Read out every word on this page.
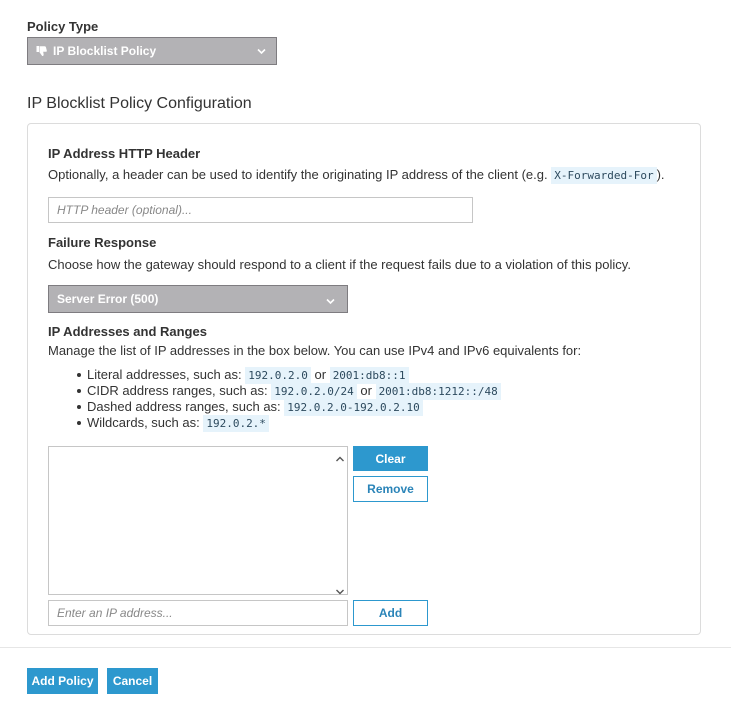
Policy Type
IP Blocklist Policy
IP Blocklist Policy Configuration
IP Address HTTP Header
Optionally, a header can be used to identify the originating IP address of the client (e.g. X-Forwarded-For ).
HTTP header (optional)...
Failure Response
Choose how the gateway should respond to a client if the request fails due to a violation of this policy.
Server Error (500)
IP Addresses and Ranges
Manage the list of IP addresses in the box below. You can use IPv4 and IPv6 equivalents for:
Literal addresses, such as: 192.0.2.0 or 2001:db8::1
CIDR address ranges, such as: 192.0.2.0/24 or 2001:db8:1212::/48
Dashed address ranges, such as: 192.0.2.0-192.0.2.10
Wildcards, such as: 192.0.2.*
Clear
Remove
Enter an IP address...	Add
Add Policy	Cancel
